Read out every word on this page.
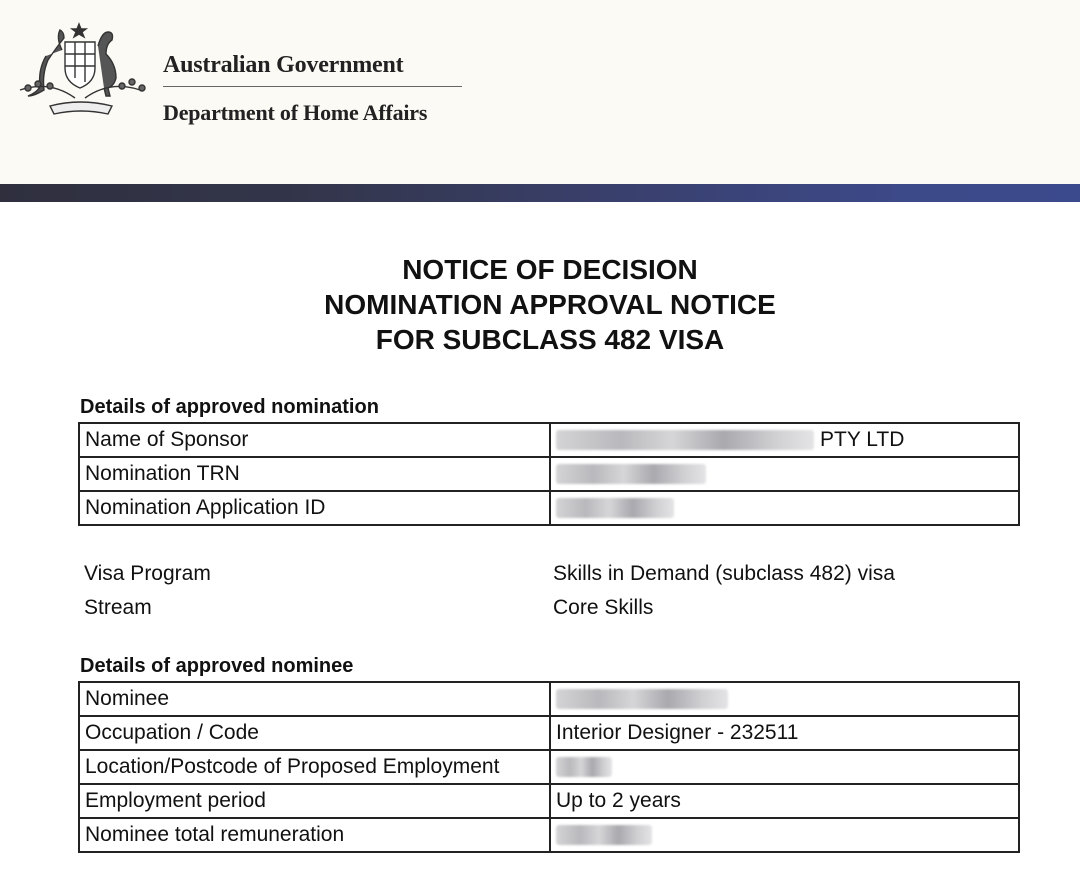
Australian Government
Department of Home Affairs
NOTICE OF DECISION
NOMINATION APPROVAL NOTICE
FOR SUBCLASS 482 VISA
Details of approved nomination
Name of Sponsor	PTY LTD
Nomination TRN	
Nomination Application ID	
Visa Program	Skills in Demand (subclass 482) visa
Stream	Core Skills
Details of approved nominee
Nominee	
Occupation / Code	Interior Designer - 232511
Location/Postcode of Proposed Employment	
Employment period	Up to 2 years
Nominee total remuneration	
